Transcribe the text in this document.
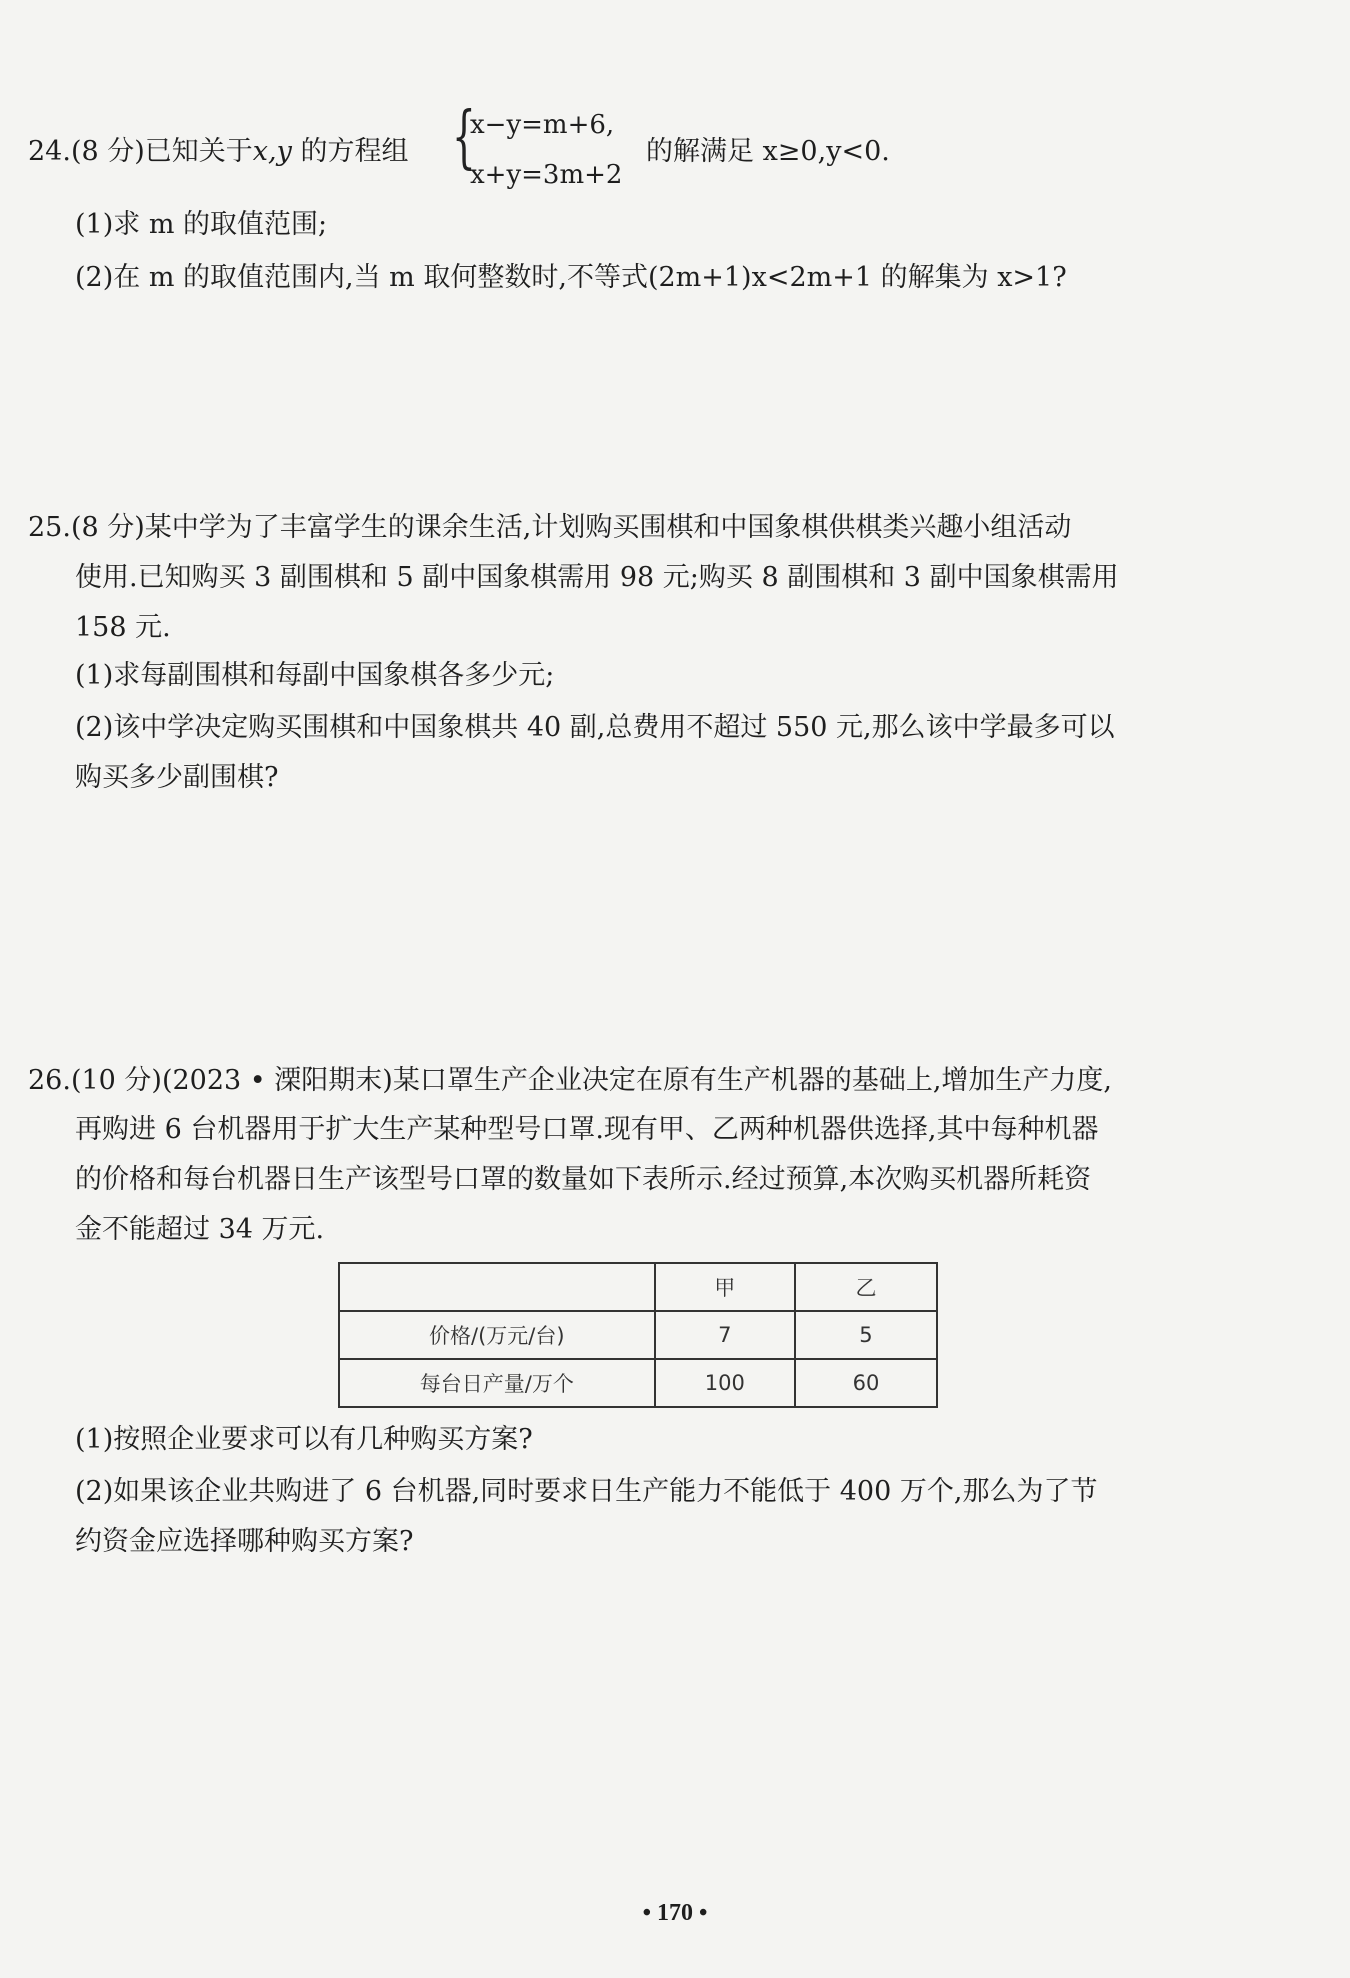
24.(8 分)已知关于x,y 的方程组 {
x−y=m+6,
x+y=3m+2
的解满足 x≥0,y<0.
(1)求 m 的取值范围;
(2)在 m 的取值范围内,当 m 取何整数时,不等式(2m+1)x<2m+1 的解集为 x>1?
25.(8 分)某中学为了丰富学生的课余生活,计划购买围棋和中国象棋供棋类兴趣小组活动
使用.已知购买 3 副围棋和 5 副中国象棋需用 98 元;购买 8 副围棋和 3 副中国象棋需用
158 元.
(1)求每副围棋和每副中国象棋各多少元;
(2)该中学决定购买围棋和中国象棋共 40 副,总费用不超过 550 元,那么该中学最多可以
购买多少副围棋?
26.(10 分)(2023 • 溧阳期末)某口罩生产企业决定在原有生产机器的基础上,增加生产力度,
再购进 6 台机器用于扩大生产某种型号口罩.现有甲、乙两种机器供选择,其中每种机器
的价格和每台机器日生产该型号口罩的数量如下表所示.经过预算,本次购买机器所耗资
金不能超过 34 万元.
	甲	乙
价格/(万元/台)	7	5
每台日产量/万个	100	60
(1)按照企业要求可以有几种购买方案?
(2)如果该企业共购进了 6 台机器,同时要求日生产能力不能低于 400 万个,那么为了节
约资金应选择哪种购买方案?
• 170 •
